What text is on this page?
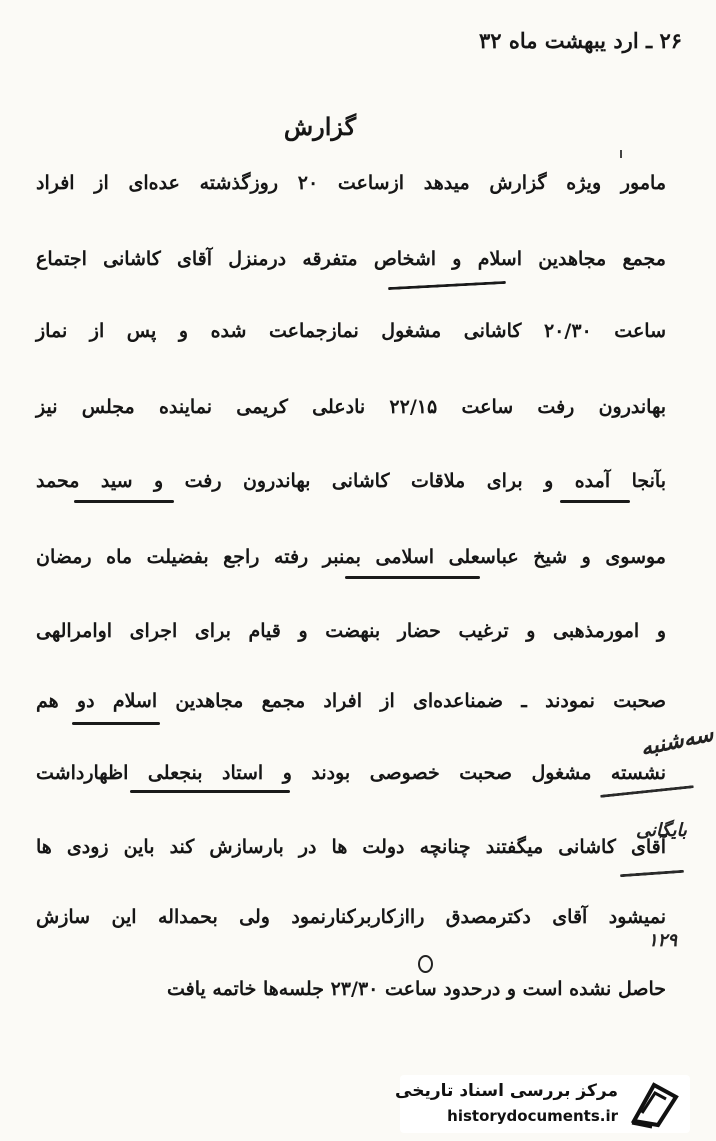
۲۶ ـ ارد يبهشت ماه ۳۲
گزارش
مامور ويژه گزارش ميدهد ازساعت ۲۰ روزگذشته عده‌اى از افراد
مجمع مجاهدين اسلام و اشخاص متفرقه درمنزل آقاى كاشانى اجتماع
ساعت ۲۰/۳۰ كاشانى مشغول نمازجماعت شده و پس از نماز
بهاندرون رفت ساعت ۲۲/۱۵ نادعلى كريمى نماينده مجلس نيز
بآنجا آمده و براى ملاقات كاشانى بهاندرون رفت و سيد محمد
موسوى و شيخ عباسعلى اسلامى بمنبر رفته راجع بفضيلت ماه رمضان
و امورمذهبى و ترغيب حضار بنهضت و قيام براى اجراى اوامرالهى
صحبت نمودند ـ ضمناعده‌اى از افراد مجمع مجاهدين اسلام دو هم
نشسته مشغول صحبت خصوصى بودند و استاد بنجعلى اظهارداشت
آقاى كاشانى ميگفتند چنانچه دولت ها در بارسازش كند باين زودى ها
نميشود آقاى دكترمصدق راازكاربركنارنمود ولى بحمداله اين سازش
حاصل نشده است و درحدود ساعت ۲۳/۳۰ جلسه‌ها خاتمه يافت
سه‌شنبه
بایگانی
۱۲۹
مرکز بررسی اسناد تاریخی
historydocuments.ir
